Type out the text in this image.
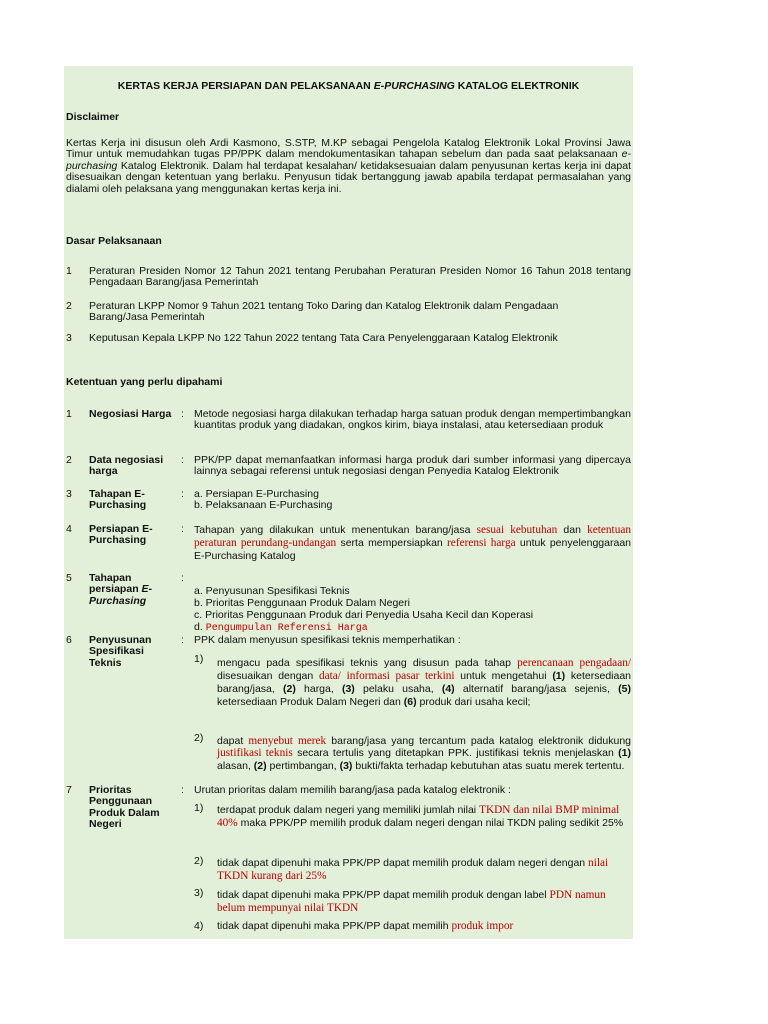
KERTAS KERJA PERSIAPAN DAN PELAKSANAAN E-PURCHASING KATALOG ELEKTRONIK
Disclaimer
Kertas Kerja ini disusun oleh Ardi Kasmono, S.STP, M.KP sebagai Pengelola Katalog Elektronik Lokal Provinsi Jawa Timur untuk memudahkan tugas PP/PPK dalam mendokumentasikan tahapan sebelum dan pada saat pelaksanaan e-purchasing Katalog Elektronik. Dalam hal terdapat kesalahan/ ketidaksesuaian dalam penyusunan kertas kerja ini dapat disesuaikan dengan ketentuan yang berlaku. Penyusun tidak bertanggung jawab apabila terdapat permasalahan yang dialami oleh pelaksana yang menggunakan kertas kerja ini.
Dasar Pelaksanaan
1 Peraturan Presiden Nomor 12 Tahun 2021 tentang Perubahan Peraturan Presiden Nomor 16 Tahun 2018 tentang Pengadaan Barang/jasa Pemerintah
2 Peraturan LKPP Nomor 9 Tahun 2021 tentang Toko Daring dan Katalog Elektronik dalam Pengadaan Barang/Jasa Pemerintah
3 Keputusan Kepala LKPP No 122 Tahun 2022 tentang Tata Cara Penyelenggaraan Katalog Elektronik
Ketentuan yang perlu dipahami
1 Negosiasi Harga : Metode negosiasi harga dilakukan terhadap harga satuan produk dengan mempertimbangkan kuantitas produk yang diadakan, ongkos kirim, biaya instalasi, atau ketersediaan produk
2 Data negosiasi harga
: PPK/PP dapat memanfaatkan informasi harga produk dari sumber informasi yang dipercaya lainnya sebagai referensi untuk negosiasi dengan Penyedia Katalog Elektronik
3 Tahapan E-Purchasing
: a. Persiapan E-Purchasing
b. Pelaksanaan E-Purchasing
4 Persiapan E-Purchasing
: Tahapan yang dilakukan untuk menentukan barang/jasa sesuai kebutuhan dan ketentuan peraturan perundang-undangan serta mempersiapkan referensi harga untuk penyelenggaraan E-Purchasing Katalog
5 Tahapan persiapan E-Purchasing
:
a. Penyusunan Spesifikasi Teknis
b. Prioritas Penggunaan Produk Dalam Negeri
c. Prioritas Penggunaan Produk dari Penyedia Usaha Kecil dan Koperasi
d. Pengumpulan Referensi Harga
6 Penyusunan Spesifikasi Teknis
: PPK dalam menyusun spesifikasi teknis memperhatikan :
1) mengacu pada spesifikasi teknis yang disusun pada tahap perencanaan pengadaan/ disesuaikan dengan data/ informasi pasar terkini untuk mengetahui (1) ketersediaan barang/jasa, (2) harga, (3) pelaku usaha, (4) alternatif barang/jasa sejenis, (5) ketersediaan Produk Dalam Negeri dan (6) produk dari usaha kecil;
2) dapat menyebut merek barang/jasa yang tercantum pada katalog elektronik didukung justifikasi teknis secara tertulis yang ditetapkan PPK. justifikasi teknis menjelaskan (1) alasan, (2) pertimbangan, (3) bukti/fakta terhadap kebutuhan atas suatu merek tertentu.
7 Prioritas Penggunaan Produk Dalam Negeri
: Urutan prioritas dalam memilih barang/jasa pada katalog elektronik :
1) terdapat produk dalam negeri yang memiliki jumlah nilai TKDN dan nilai BMP minimal 40% maka PPK/PP memilih produk dalam negeri dengan nilai TKDN paling sedikit 25%
2) tidak dapat dipenuhi maka PPK/PP dapat memilih produk dalam negeri dengan nilai TKDN kurang dari 25%
3) tidak dapat dipenuhi maka PPK/PP dapat memilih produk dengan label PDN namun belum mempunyai nilai TKDN
4) tidak dapat dipenuhi maka PPK/PP dapat memilih produk impor
